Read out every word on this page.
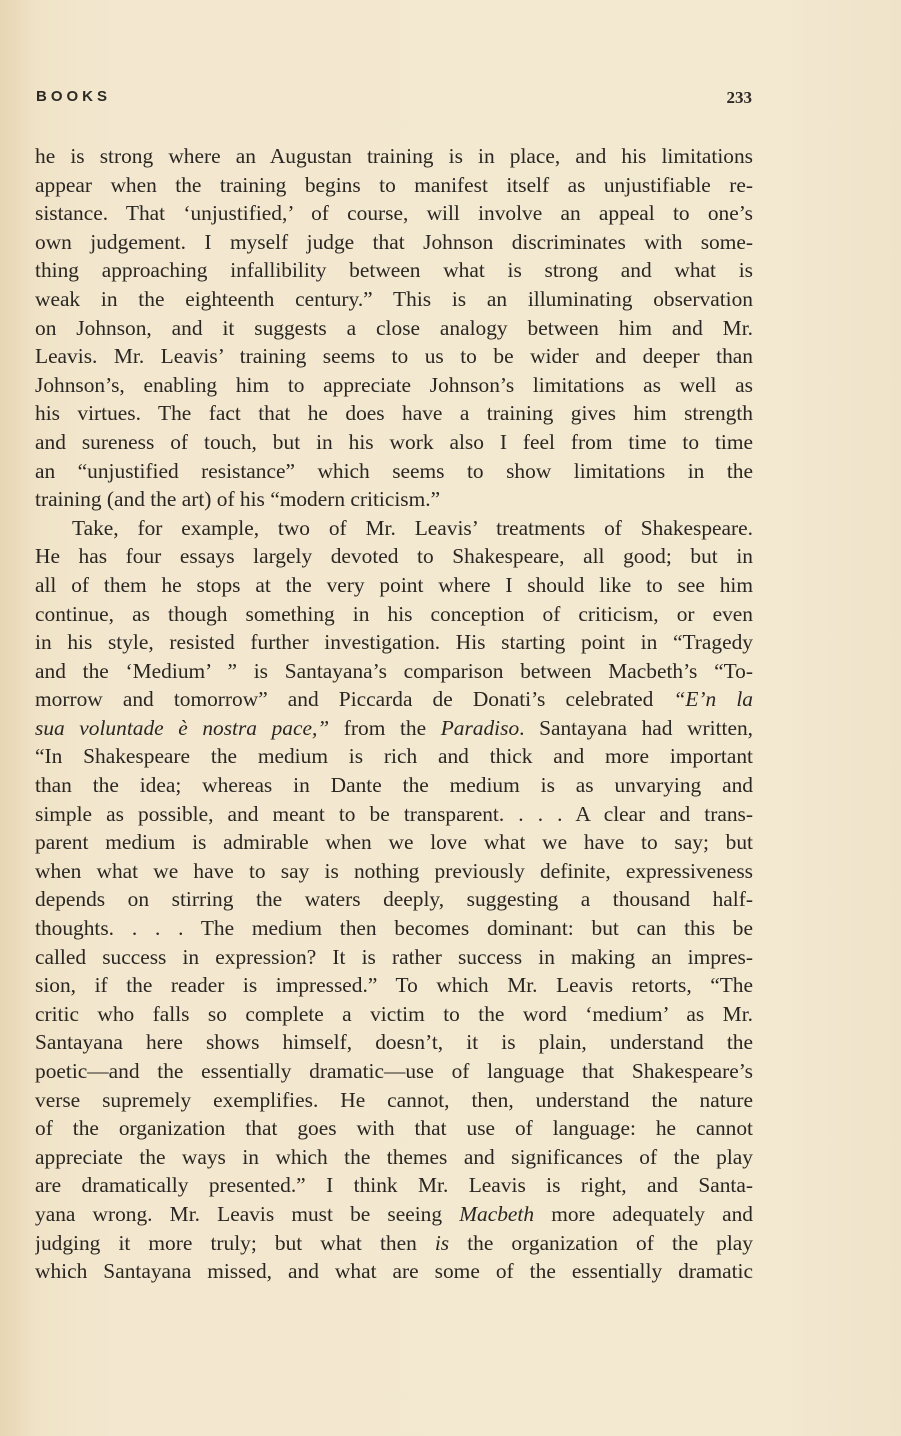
BOOKS	233
he is strong where an Augustan training is in place, and his limitations
appear when the training begins to manifest itself as unjustifiable re-
sistance. That ‘unjustified,’ of course, will involve an appeal to one’s
own judgement. I myself judge that Johnson discriminates with some-
thing approaching infallibility between what is strong and what is
weak in the eighteenth century.” This is an illuminating observation
on Johnson, and it suggests a close analogy between him and Mr.
Leavis. Mr. Leavis’ training seems to us to be wider and deeper than
Johnson’s, enabling him to appreciate Johnson’s limitations as well as
his virtues. The fact that he does have a training gives him strength
and sureness of touch, but in his work also I feel from time to time
an “unjustified resistance” which seems to show limitations in the
training (and the art) of his “modern criticism.”
Take, for example, two of Mr. Leavis’ treatments of Shakespeare.
He has four essays largely devoted to Shakespeare, all good; but in
all of them he stops at the very point where I should like to see him
continue, as though something in his conception of criticism, or even
in his style, resisted further investigation. His starting point in “Tragedy
and the ‘Medium’ ” is Santayana’s comparison between Macbeth’s “To-
morrow and tomorrow” and Piccarda de Donati’s celebrated “E’n la
sua voluntade è nostra pace,” from the Paradiso. Santayana had written,
“In Shakespeare the medium is rich and thick and more important
than the idea; whereas in Dante the medium is as unvarying and
simple as possible, and meant to be transparent. . . . A clear and trans-
parent medium is admirable when we love what we have to say; but
when what we have to say is nothing previously definite, expressiveness
depends on stirring the waters deeply, suggesting a thousand half-
thoughts. . . . The medium then becomes dominant: but can this be
called success in expression? It is rather success in making an impres-
sion, if the reader is impressed.” To which Mr. Leavis retorts, “The
critic who falls so complete a victim to the word ‘medium’ as Mr.
Santayana here shows himself, doesn’t, it is plain, understand the
poetic—and the essentially dramatic—use of language that Shakespeare’s
verse supremely exemplifies. He cannot, then, understand the nature
of the organization that goes with that use of language: he cannot
appreciate the ways in which the themes and significances of the play
are dramatically presented.” I think Mr. Leavis is right, and Santa-
yana wrong. Mr. Leavis must be seeing Macbeth more adequately and
judging it more truly; but what then is the organization of the play
which Santayana missed, and what are some of the essentially dramatic
